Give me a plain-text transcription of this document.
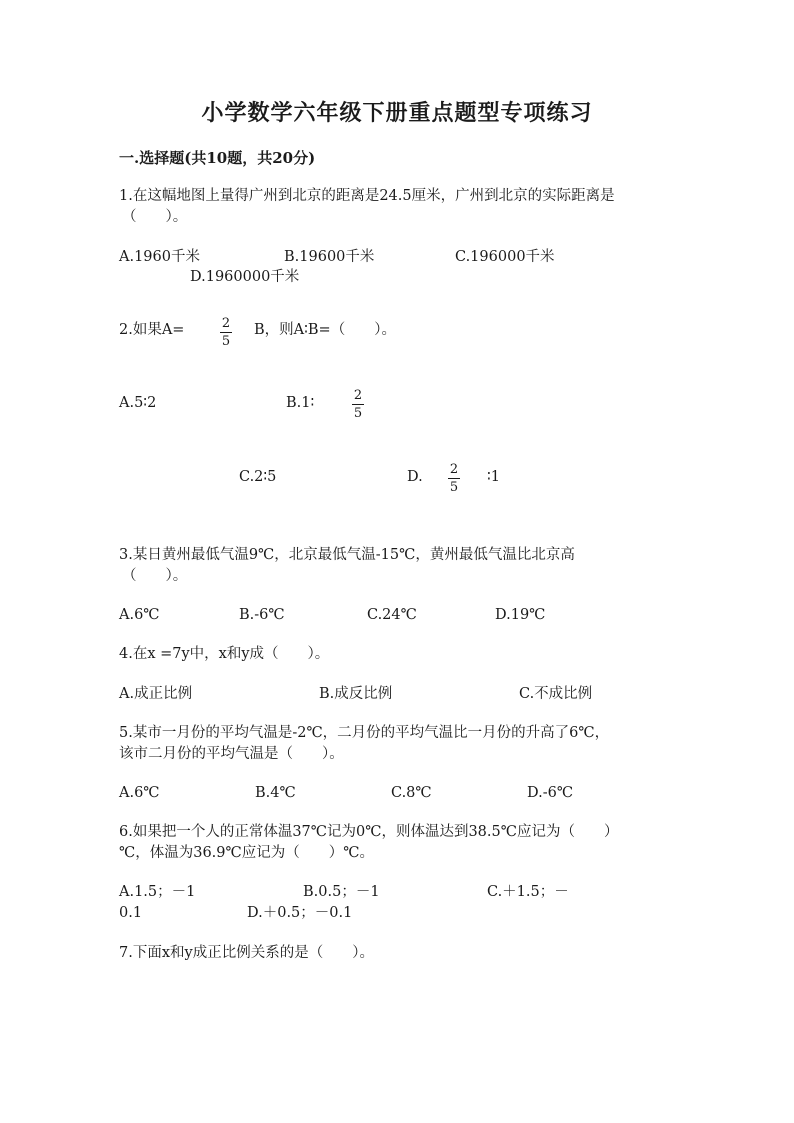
小学数学六年级下册重点题型专项练习
一.选择题(共10题，共20分)
1.在这幅地图上量得广州到北京的距离是24.5厘米，广州到北京的实际距离是
（　　）。
A.1960千米	B.19600千米	C.196000千米
D.1960000千米
2.如果A=	2
5
B，则A∶B=（　　）。
A.5∶2	B.1∶	2
5
C.2∶5	D. 2
5
∶1
3.某日黄州最低气温9℃，北京最低气温-15℃，黄州最低气温比北京高
（　　）。
A.6℃	B.-6℃	C.24℃	D.19℃
4.在x =7y中，x和y成（　　）。
A.成正比例	B.成反比例	C.不成比例
5.某市一月份的平均气温是-2℃，二月份的平均气温比一月份的升高了6℃，
该市二月份的平均气温是（　　）。
A.6℃	B.4℃	C.8℃	D.-6℃
6.如果把一个人的正常体温37℃记为0℃，则体温达到38.5℃应记为（　　）
℃，体温为36.9℃应记为（　　）℃。
A.1.5；－1	B.0.5；－1	C.＋1.5；－
0.1	D.＋0.5；－0.1
7.下面x和y成正比例关系的是（　　）。
